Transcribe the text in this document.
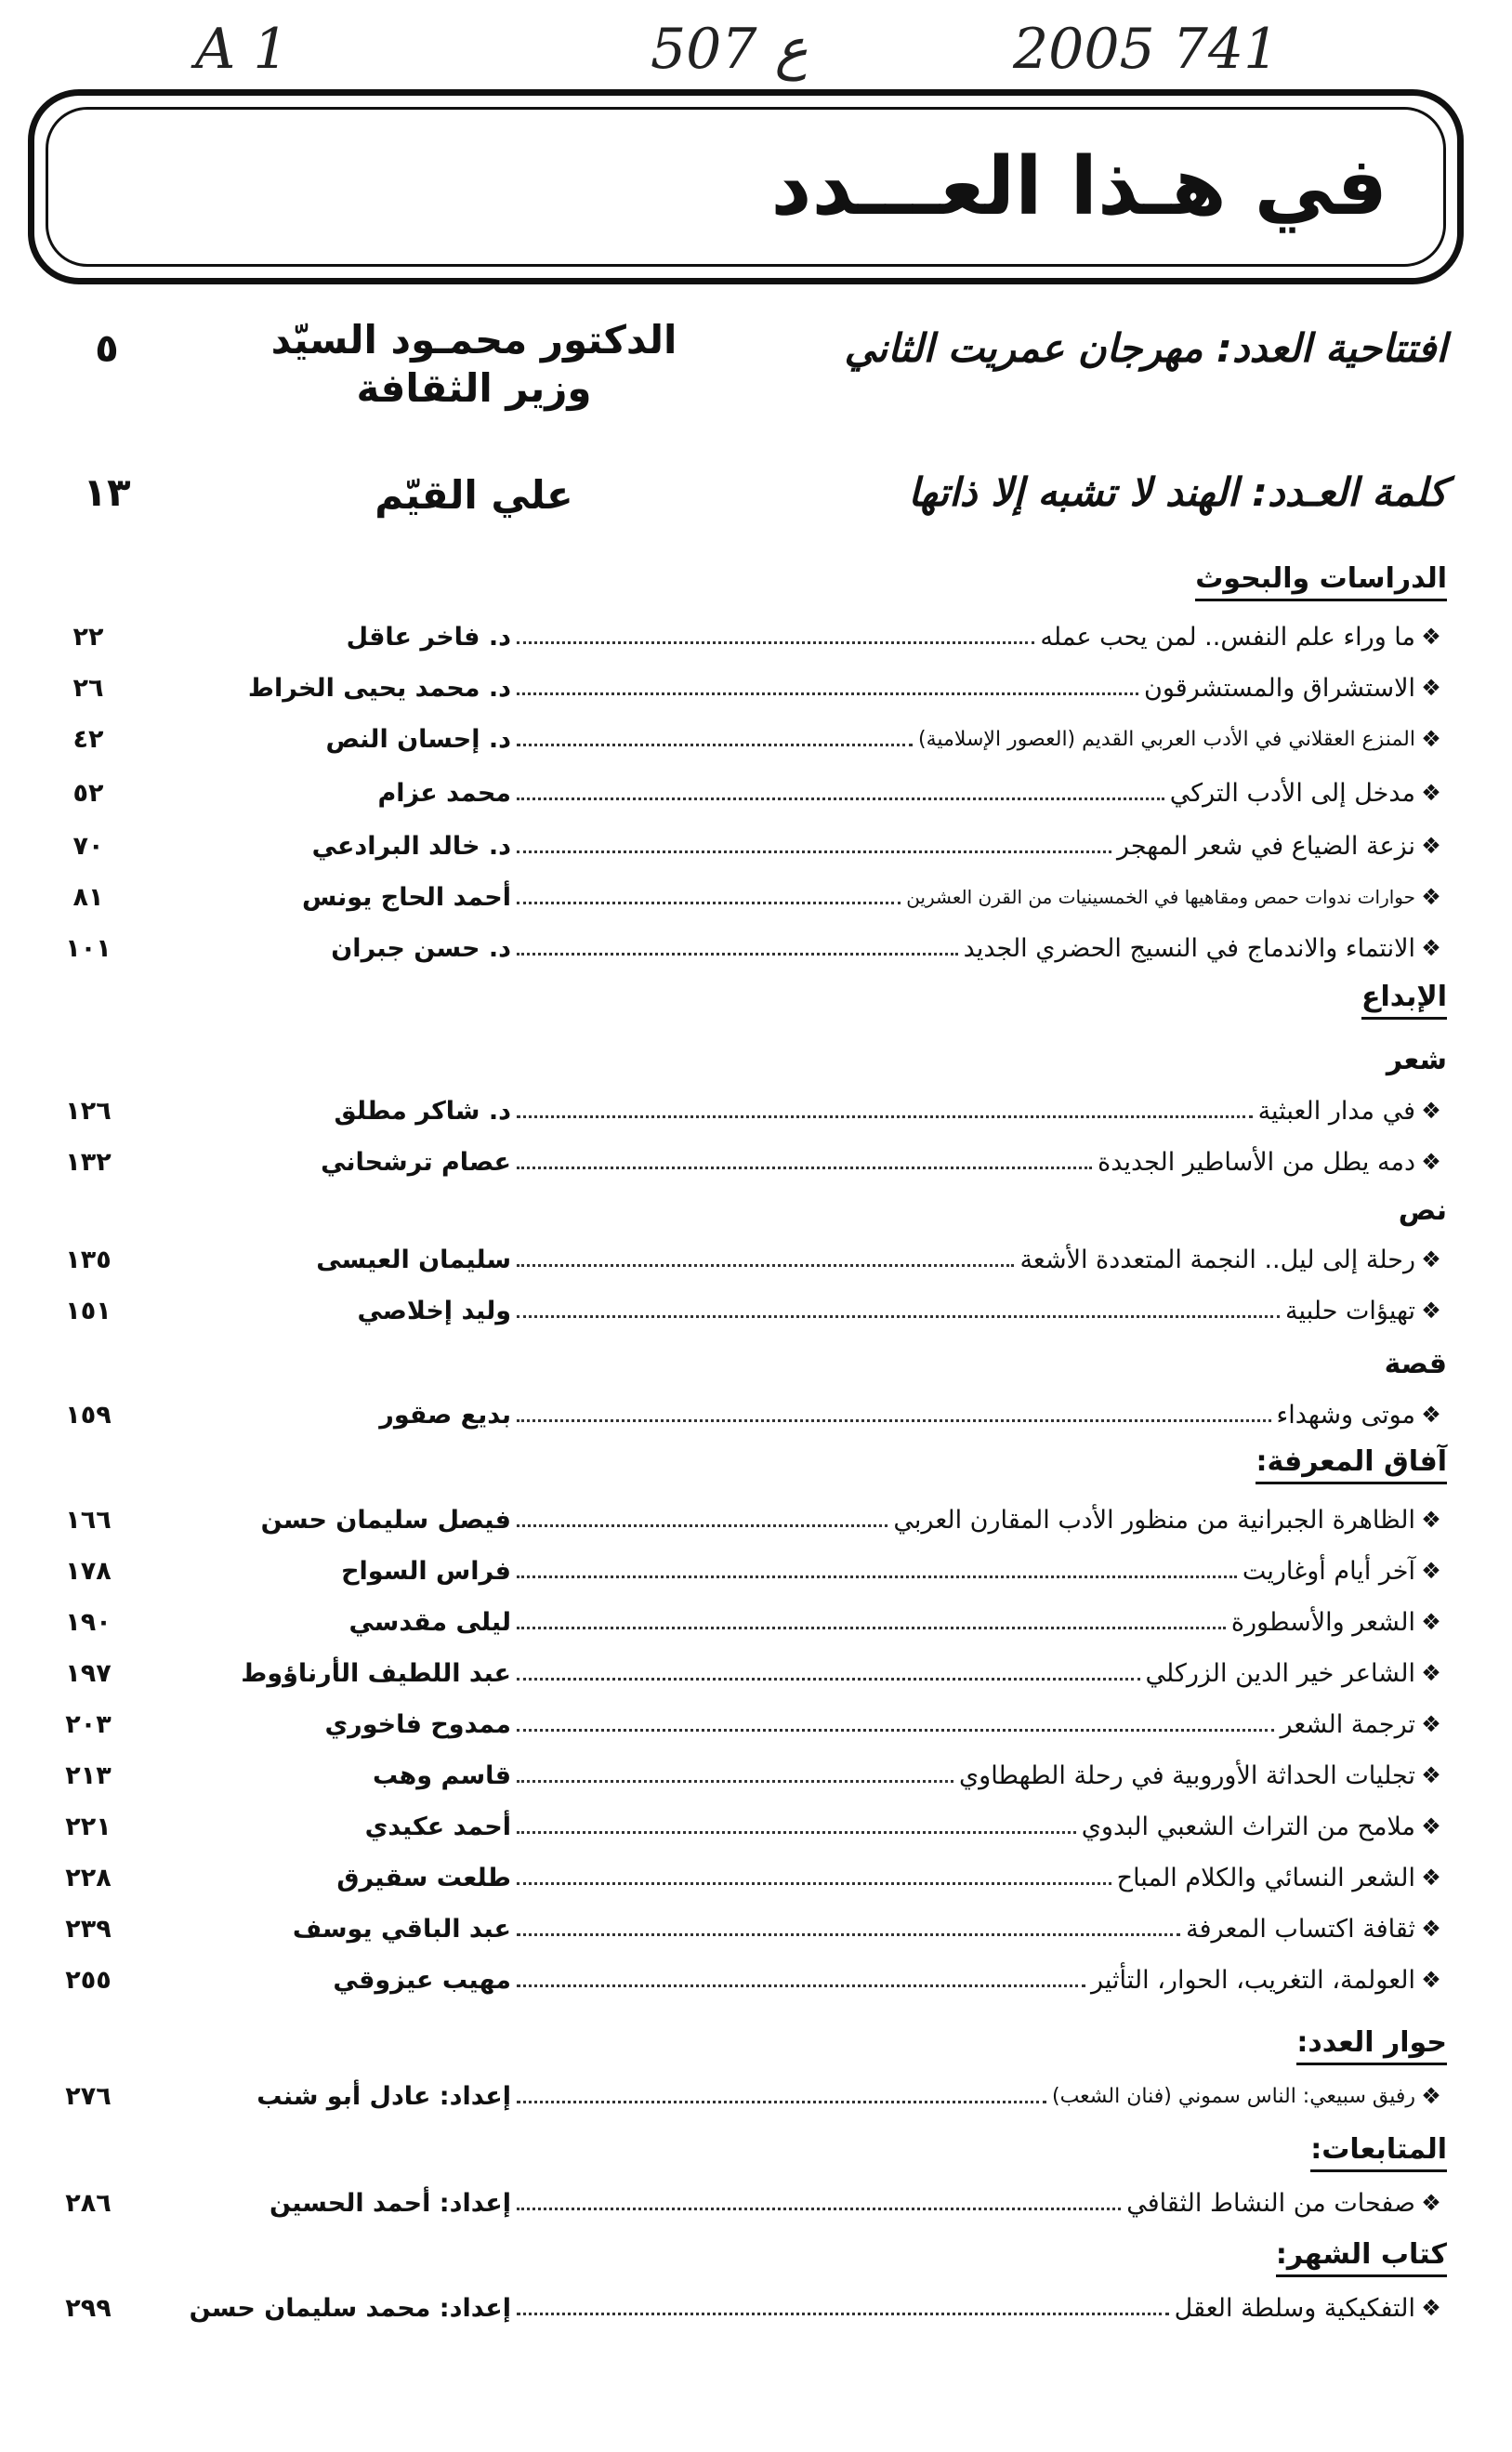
A 1	507 ع	2005 741
في هـذا العـــدد
افتتاحية العدد: مهرجان عمريت الثاني
الدكتور محمـود السيّد
وزير الثقافة
٥
كلمة العـدد: الهند لا تشبه إلا ذاتها
علي القيّم
١٣
الدراسات والبحوث
الإبداع
شعر
نص
قصة
آفاق المعرفة:
حوار العدد:
المتابعات:
كتاب الشهر:
❖
ما وراء علم النفس.. لمن يحب عمله
د. فاخر عاقل
٢٢
❖
الاستشراق والمستشرقون
د. محمد يحيى الخراط
٢٦
❖
المنزع العقلاني في الأدب العربي القديم (العصور الإسلامية)
د. إحسان النص
٤٢
❖
مدخل إلى الأدب التركي
محمد عزام
٥٢
❖
نزعة الضياع في شعر المهجر
د. خالد البرادعي
٧٠
❖
حوارات ندوات حمص ومقاهيها في الخمسينيات من القرن العشرين
أحمد الحاج يونس
٨١
❖
الانتماء والاندماج في النسيج الحضري الجديد
د. حسن جبران
١٠١
❖
في مدار العبثية
د. شاكر مطلق
١٢٦
❖
دمه يطل من الأساطير الجديدة
عصام ترشحاني
١٣٢
❖
رحلة إلى ليل.. النجمة المتعددة الأشعة
سليمان العيسى
١٣٥
❖
تهيؤات حلبية
وليد إخلاصي
١٥١
❖
موتى وشهداء
بديع صقور
١٥٩
❖
الظاهرة الجبرانية من منظور الأدب المقارن العربي
فيصل سليمان حسن
١٦٦
❖
آخر أيام أوغاريت
فراس السواح
١٧٨
❖
الشعر والأسطورة
ليلى مقدسي
١٩٠
❖
الشاعر خير الدين الزركلي
عبد اللطيف الأرناؤوط
١٩٧
❖
ترجمة الشعر
ممدوح فاخوري
٢٠٣
❖
تجليات الحداثة الأوروبية في رحلة الطهطاوي
قاسم وهب
٢١٣
❖
ملامح من التراث الشعبي البدوي
أحمد عكيدي
٢٢١
❖
الشعر النسائي والكلام المباح
طلعت سقيرق
٢٢٨
❖
ثقافة اكتساب المعرفة
عبد الباقي يوسف
٢٣٩
❖
العولمة، التغريب، الحوار، التأثير
مهيب عيزوقي
٢٥٥
❖
رفيق سبيعي: الناس سموني (فنان الشعب)
إعداد: عادل أبو شنب
٢٧٦
❖
صفحات من النشاط الثقافي
إعداد: أحمد الحسين
٢٨٦
❖
التفكيكية وسلطة العقل
إعداد: محمد سليمان حسن
٢٩٩
